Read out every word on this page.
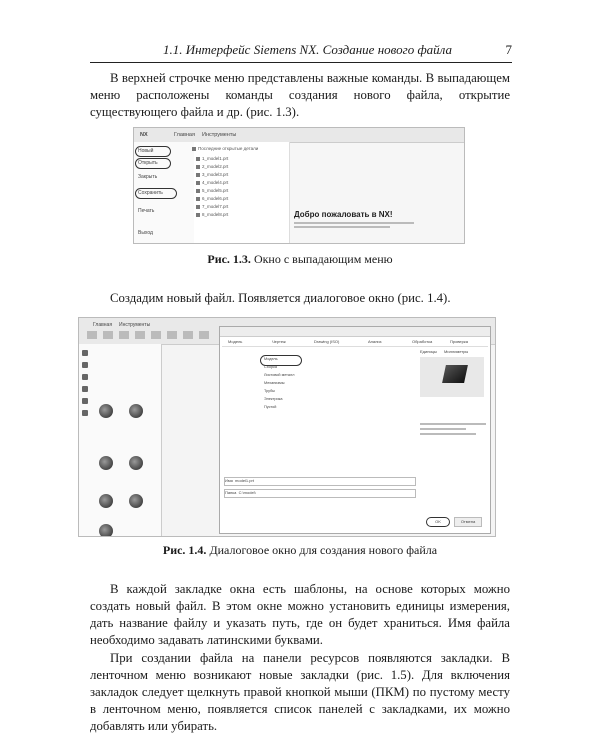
1.1. Интерфейс Siemens NX. Создание нового файла	7
В верхней строчке меню представлены важные команды. В выпадающем меню расположены команды создания нового файла, открытие существующего файла и др. (рис. 1.3).
NX	Главная Инструменты
Новый
Открыть
Закрыть
Сохранить
Печать
Выход
Последние открытые детали
1_model1.prt
2_model2.prt
3_model3.prt
4_model4.prt
5_model5.prt
6_model6.prt
7_model7.prt
8_model8.prt	Добро пожаловать в NX!
Рис. 1.3. Окно с выпадающим меню
Создадим новый файл. Появляется диалоговое окно (рис. 1.4).
Главная Инструменты
Модель	Чертеж	Drawing (ISO)	Анализ	Обработка	Проверка
Единицы Миллиметры
Модель
Сборка
Листовой металл
Механизмы
Трубы
Электрика
Пустой
Имя model1.prt
Папка C:\model\
OK	Отмена
Рис. 1.4. Диалоговое окно для создания нового файла
В каждой закладке окна есть шаблоны, на основе которых можно создать новый файл. В этом окне можно установить единицы измерения, дать название файлу и указать путь, где он будет храниться. Имя файла необходимо задавать латинскими буквами.
При создании файла на панели ресурсов появляются закладки. В ленточном меню возникают новые закладки (рис. 1.5). Для включения закладок следует щелкнуть правой кнопкой мыши (ПКМ) по пустому месту в ленточном меню, появляется список панелей с закладками, их можно добавлять или убирать.
